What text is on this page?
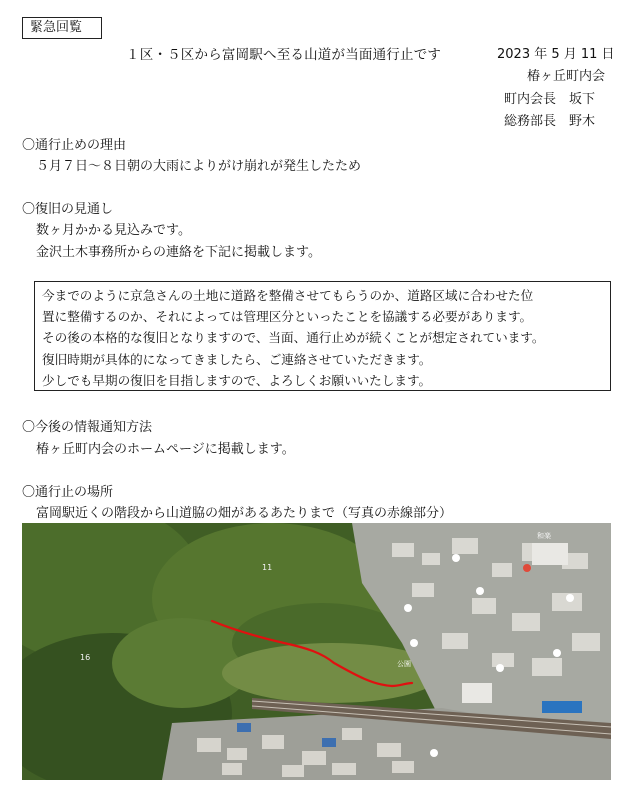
緊急回覧
１区・５区から富岡駅へ至る山道が当面通行止です	2023 年 5 月 11 日
椿ヶ丘町内会
町内会長　坂下
総務部長　野木
〇通行止めの理由
５月７日～８日朝の大雨によりがけ崩れが発生したため
〇復旧の見通し
数ヶ月かかる見込みです。
金沢土木事務所からの連絡を下記に掲載します。
今までのように京急さんの土地に道路を整備させてもらうのか、道路区域に合わせた位
置に整備するのか、それによっては管理区分といったことを協議する必要があります。
その後の本格的な復旧となりますので、当面、通行止めが続くことが想定されています。
復旧時期が具体的になってきましたら、ご連絡させていただきます。
少しでも早期の復旧を目指しますので、よろしくお願いいたします。
〇今後の情報通知方法
椿ヶ丘町内会のホームページに掲載します。
〇通行止の場所
富岡駅近くの階段から山道脇の畑があるあたりまで（写真の赤線部分）
11
16
公園
和楽
